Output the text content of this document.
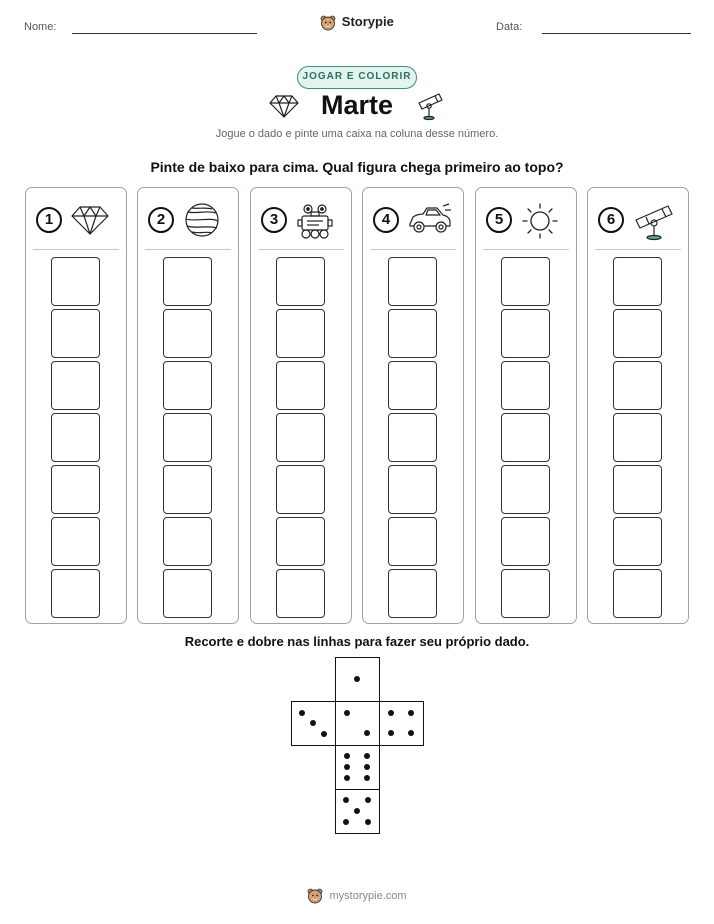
Nome:	Storypie	Data:
JOGAR E COLORIR
Marte
Jogue o dado e pinte uma caixa na coluna desse número.
Pinte de baixo para cima. Qual figura chega primeiro ao topo?
1	2	3	4	5	6
Recorte e dobre nas linhas para fazer seu próprio dado.
mystorypie.com
